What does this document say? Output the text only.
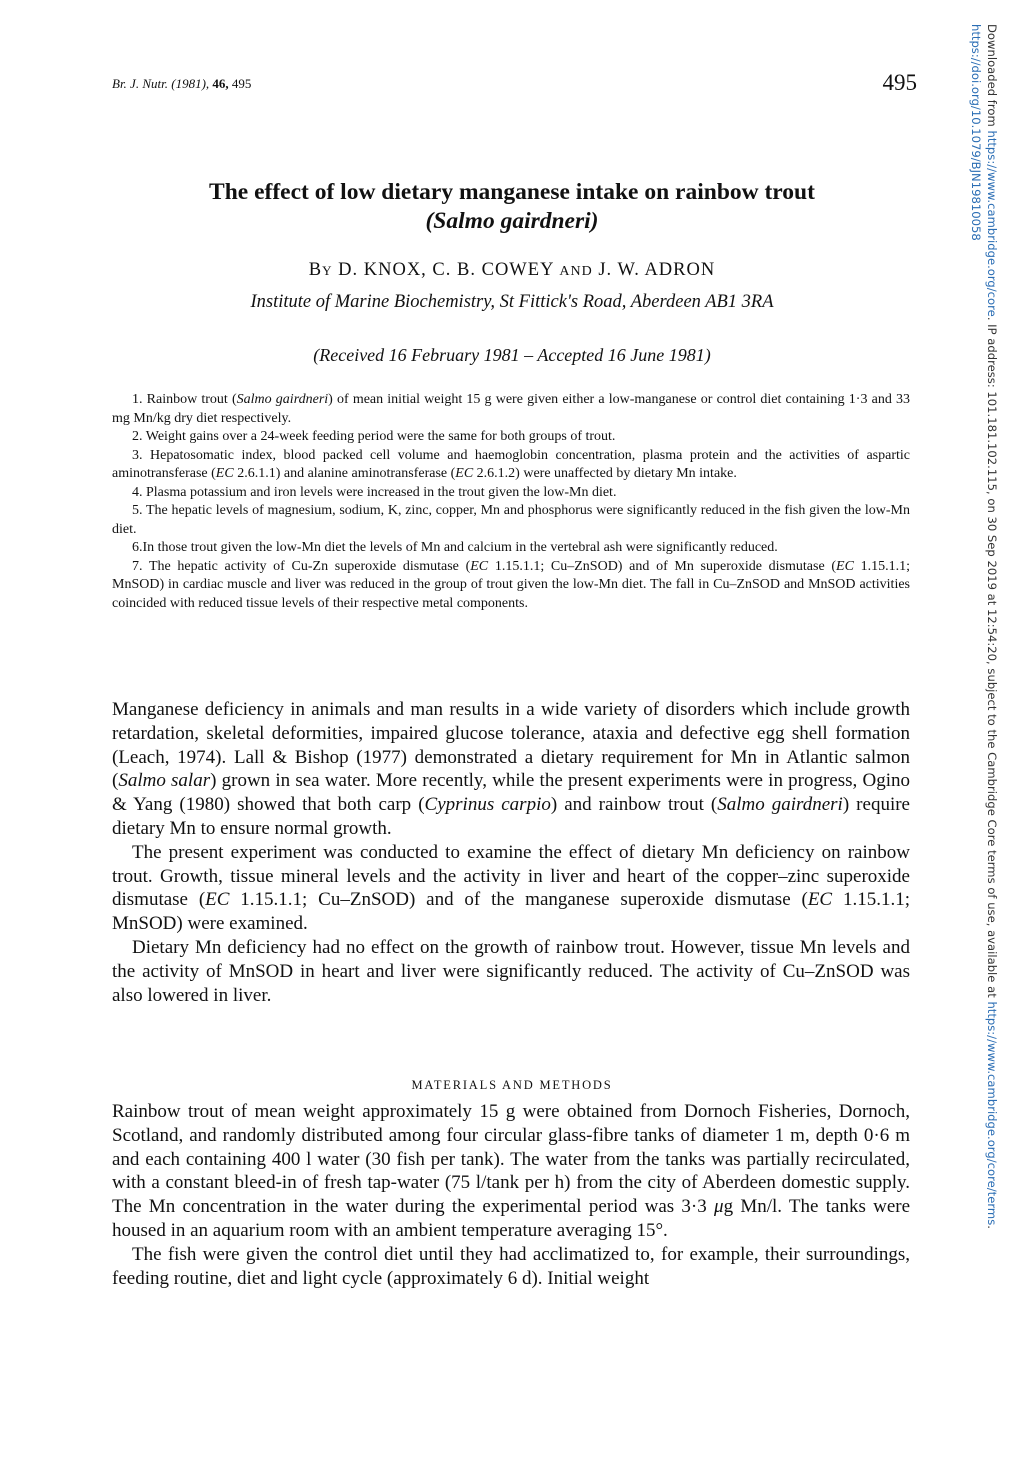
Br. J. Nutr. (1981), 46, 495	495
The effect of low dietary manganese intake on rainbow trout
(Salmo gairdneri)
By D. KNOX, C. B. COWEY AND J. W. ADRON
Institute of Marine Biochemistry, St Fittick's Road, Aberdeen AB1 3RA
(Received 16 February 1981 – Accepted 16 June 1981)

1. Rainbow trout (Salmo gairdneri) of mean initial weight 15 g were given either a low-manganese or control diet containing 1·3 and 33 mg Mn/kg dry diet respectively.

2. Weight gains over a 24-week feeding period were the same for both groups of trout.

3. Hepatosomatic index, blood packed cell volume and haemoglobin concentration, plasma protein and the activities of aspartic aminotransferase (EC 2.6.1.1) and alanine aminotransferase (EC 2.6.1.2) were unaffected by dietary Mn intake.

4. Plasma potassium and iron levels were increased in the trout given the low-Mn diet.

5. The hepatic levels of magnesium, sodium, K, zinc, copper, Mn and phosphorus were significantly reduced in the fish given the low-Mn diet.

6.In those trout given the low-Mn diet the levels of Mn and calcium in the vertebral ash were significantly reduced.

7. The hepatic activity of Cu-Zn superoxide dismutase (EC 1.15.1.1; Cu–ZnSOD) and of Mn superoxide dismutase (EC 1.15.1.1; MnSOD) in cardiac muscle and liver was reduced in the group of trout given the low-Mn diet. The fall in Cu–ZnSOD and MnSOD activities coincided with reduced tissue levels of their respective metal components.

Manganese deficiency in animals and man results in a wide variety of disorders which include growth retardation, skeletal deformities, impaired glucose tolerance, ataxia and defective egg shell formation (Leach, 1974). Lall & Bishop (1977) demonstrated a dietary requirement for Mn in Atlantic salmon (Salmo salar) grown in sea water. More recently, while the present experiments were in progress, Ogino & Yang (1980) showed that both carp (Cyprinus carpio) and rainbow trout (Salmo gairdneri) require dietary Mn to ensure normal growth.

The present experiment was conducted to examine the effect of dietary Mn deficiency on rainbow trout. Growth, tissue mineral levels and the activity in liver and heart of the copper–zinc superoxide dismutase (EC 1.15.1.1; Cu–ZnSOD) and of the manganese superoxide dismutase (EC 1.15.1.1; MnSOD) were examined.

Dietary Mn deficiency had no effect on the growth of rainbow trout. However, tissue Mn levels and the activity of MnSOD in heart and liver were significantly reduced. The activity of Cu–ZnSOD was also lowered in liver.

MATERIALS AND METHODS

Rainbow trout of mean weight approximately 15 g were obtained from Dornoch Fisheries, Dornoch, Scotland, and randomly distributed among four circular glass-fibre tanks of diameter 1 m, depth 0·6 m and each containing 400 l water (30 fish per tank). The water from the tanks was partially recirculated, with a constant bleed-in of fresh tap-water (75 l/tank per h) from the city of Aberdeen domestic supply. The Mn concentration in the water during the experimental period was 3·3 μg Mn/l. The tanks were housed in an aquarium room with an ambient temperature averaging 15°.

The fish were given the control diet until they had acclimatized to, for example, their surroundings, feeding routine, diet and light cycle (approximately 6 d). Initial weight

Downloaded from https://www.cambridge.org/core. IP address: 101.181.102.115, on 30 Sep 2019 at 12:54:20, subject to the Cambridge Core terms of use, available at https://www.cambridge.org/core/terms.
https://doi.org/10.1079/BJN19810058
